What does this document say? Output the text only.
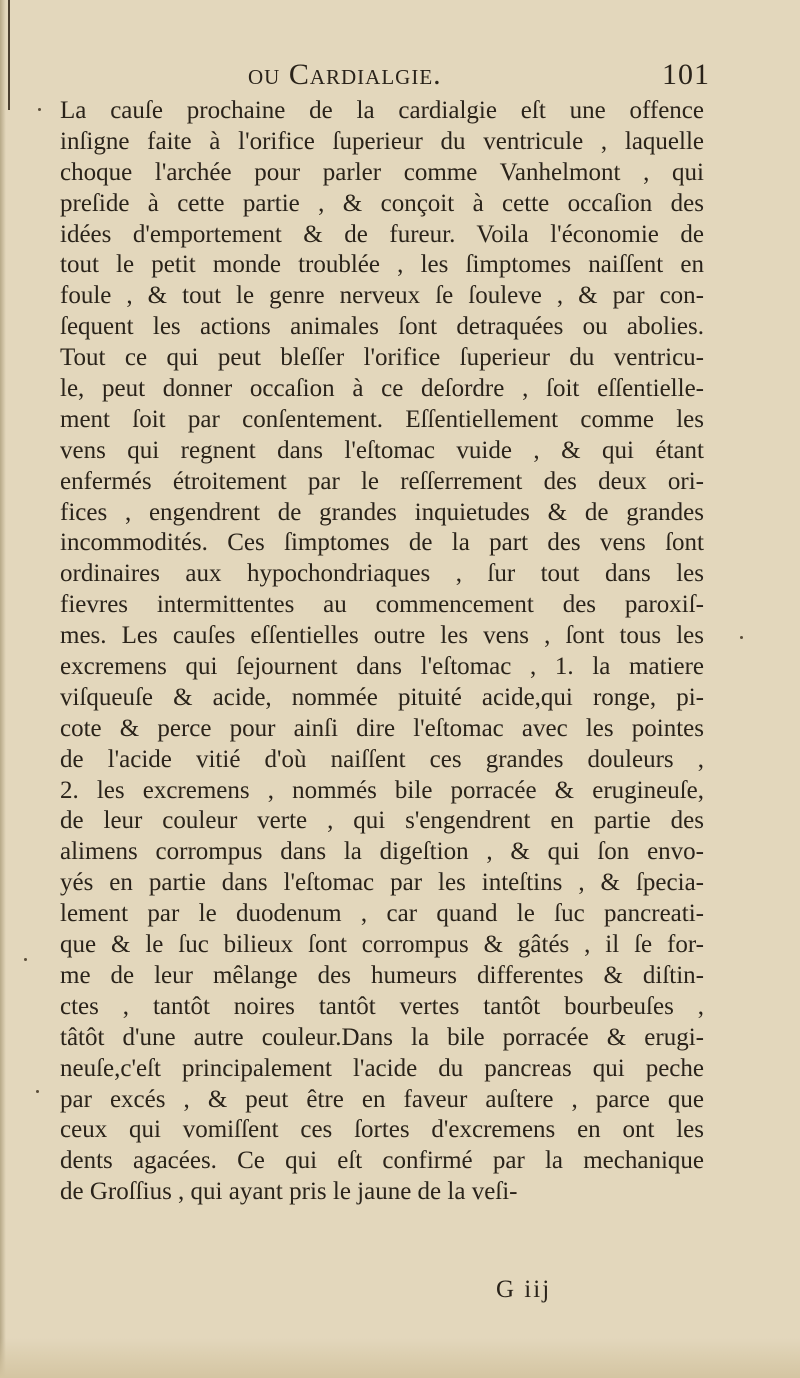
ou Cardialgie.	101
La cauſe prochaine de la cardialgie eſt une offence
inſigne faite à l'orifice ſuperieur du ventricule , laquelle
choque l'archée pour parler comme Vanhelmont , qui
preſide à cette partie , & conçoit à cette occaſion des
idées d'emportement & de fureur. Voila l'économie de
tout le petit monde troublée , les ſimptomes naiſſent en
foule , & tout le genre nerveux ſe ſouleve , & par con-
ſequent les actions animales ſont detraquées ou abolies.
Tout ce qui peut bleſſer l'orifice ſuperieur du ventricu-
le, peut donner occaſion à ce deſordre , ſoit eſſentielle-
ment ſoit par conſentement. Eſſentiellement comme les
vens qui regnent dans l'eſtomac vuide , & qui étant
enfermés étroitement par le reſſerrement des deux ori-
fices , engendrent de grandes inquietudes & de grandes
incommodités. Ces ſimptomes de la part des vens ſont
ordinaires aux hypochondriaques , ſur tout dans les
fievres intermittentes au commencement des paroxiſ-
mes. Les cauſes eſſentielles outre les vens , ſont tous les
excremens qui ſejournent dans l'eſtomac , 1. la matiere
viſqueuſe & acide, nommée pituité acide,qui ronge, pi-
cote & perce pour ainſi dire l'eſtomac avec les pointes
de l'acide vitié d'où naiſſent ces grandes douleurs ,
2. les excremens , nommés bile porracée & erugineuſe,
de leur couleur verte , qui s'engendrent en partie des
alimens corrompus dans la digeſtion , & qui ſon envo-
yés en partie dans l'eſtomac par les inteſtins , & ſpecia-
lement par le duodenum , car quand le ſuc pancreati-
que & le ſuc bilieux ſont corrompus & gâtés , il ſe for-
me de leur mêlange des humeurs differentes & diſtin-
ctes , tantôt noires tantôt vertes tantôt bourbeuſes ,
tâtôt d'une autre couleur.Dans la bile porracée & erugi-
neuſe,c'eſt principalement l'acide du pancreas qui peche
par excés , & peut être en faveur auſtere , parce que
ceux qui vomiſſent ces ſortes d'excremens en ont les
dents agacées. Ce qui eſt confirmé par la mechanique
de Groſſius , qui ayant pris le jaune de la veſi-
G iij
